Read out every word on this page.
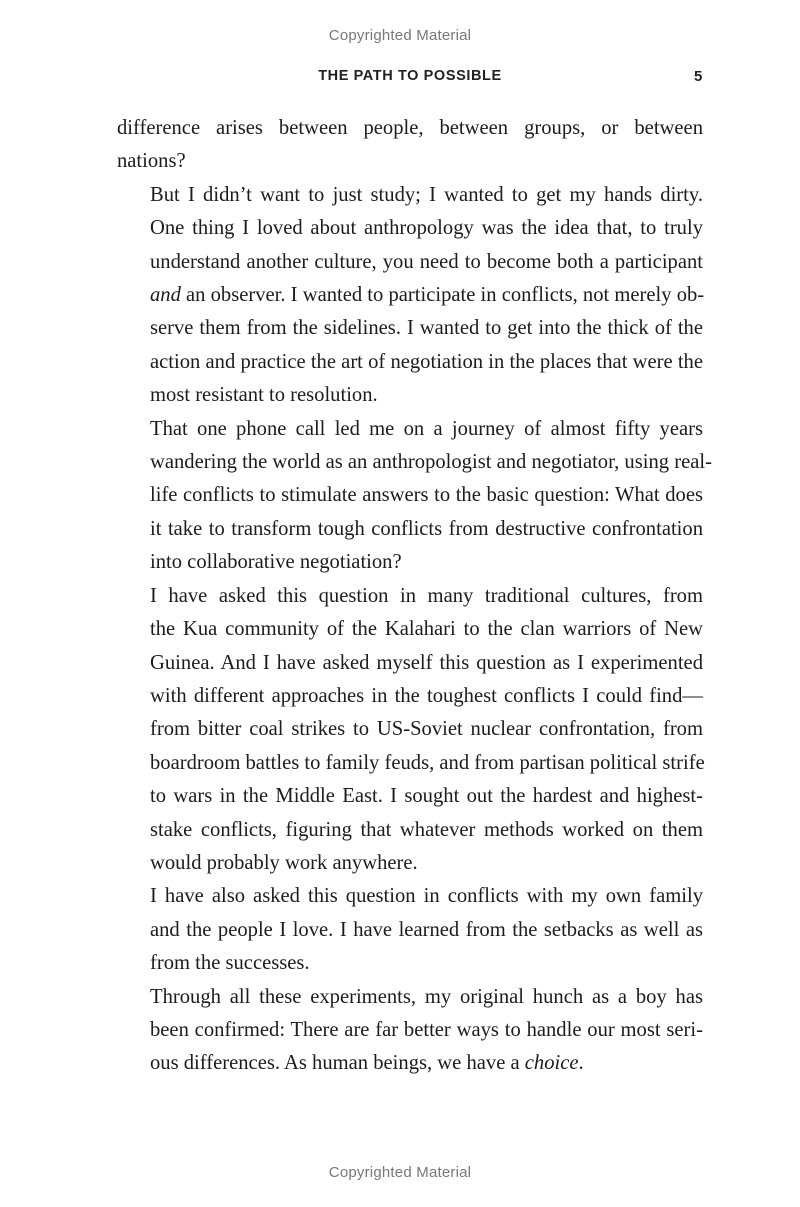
Copyrighted Material
THE PATH TO POSSIBLE	5

difference arises between people, between groups, or between
nations?

But I didn’t want to just study; I wanted to get my hands dirty.
One thing I loved about anthropology was the idea that, to truly
understand another culture, you need to become both a participant
and an observer. I wanted to participate in conflicts, not merely ob-
serve them from the sidelines. I wanted to get into the thick of the
action and practice the art of negotiation in the places that were the
most resistant to resolution.

That one phone call led me on a journey of almost fifty years
wandering the world as an anthropologist and negotiator, using real-
life conflicts to stimulate answers to the basic question: What does
it take to transform tough conflicts from destructive confrontation
into collaborative negotiation?

I have asked this question in many traditional cultures, from
the Kua community of the Kalahari to the clan warriors of New
Guinea. And I have asked myself this question as I experimented
with different approaches in the toughest conflicts I could find—
from bitter coal strikes to US-Soviet nuclear confrontation, from
boardroom battles to family feuds, and from partisan political strife
to wars in the Middle East. I sought out the hardest and highest-
stake conflicts, figuring that whatever methods worked on them
would probably work anywhere.

I have also asked this question in conflicts with my own family
and the people I love. I have learned from the setbacks as well as
from the successes.

Through all these experiments, my original hunch as a boy has
been confirmed: There are far better ways to handle our most seri-
ous differences. As human beings, we have a choice.

Copyrighted Material
